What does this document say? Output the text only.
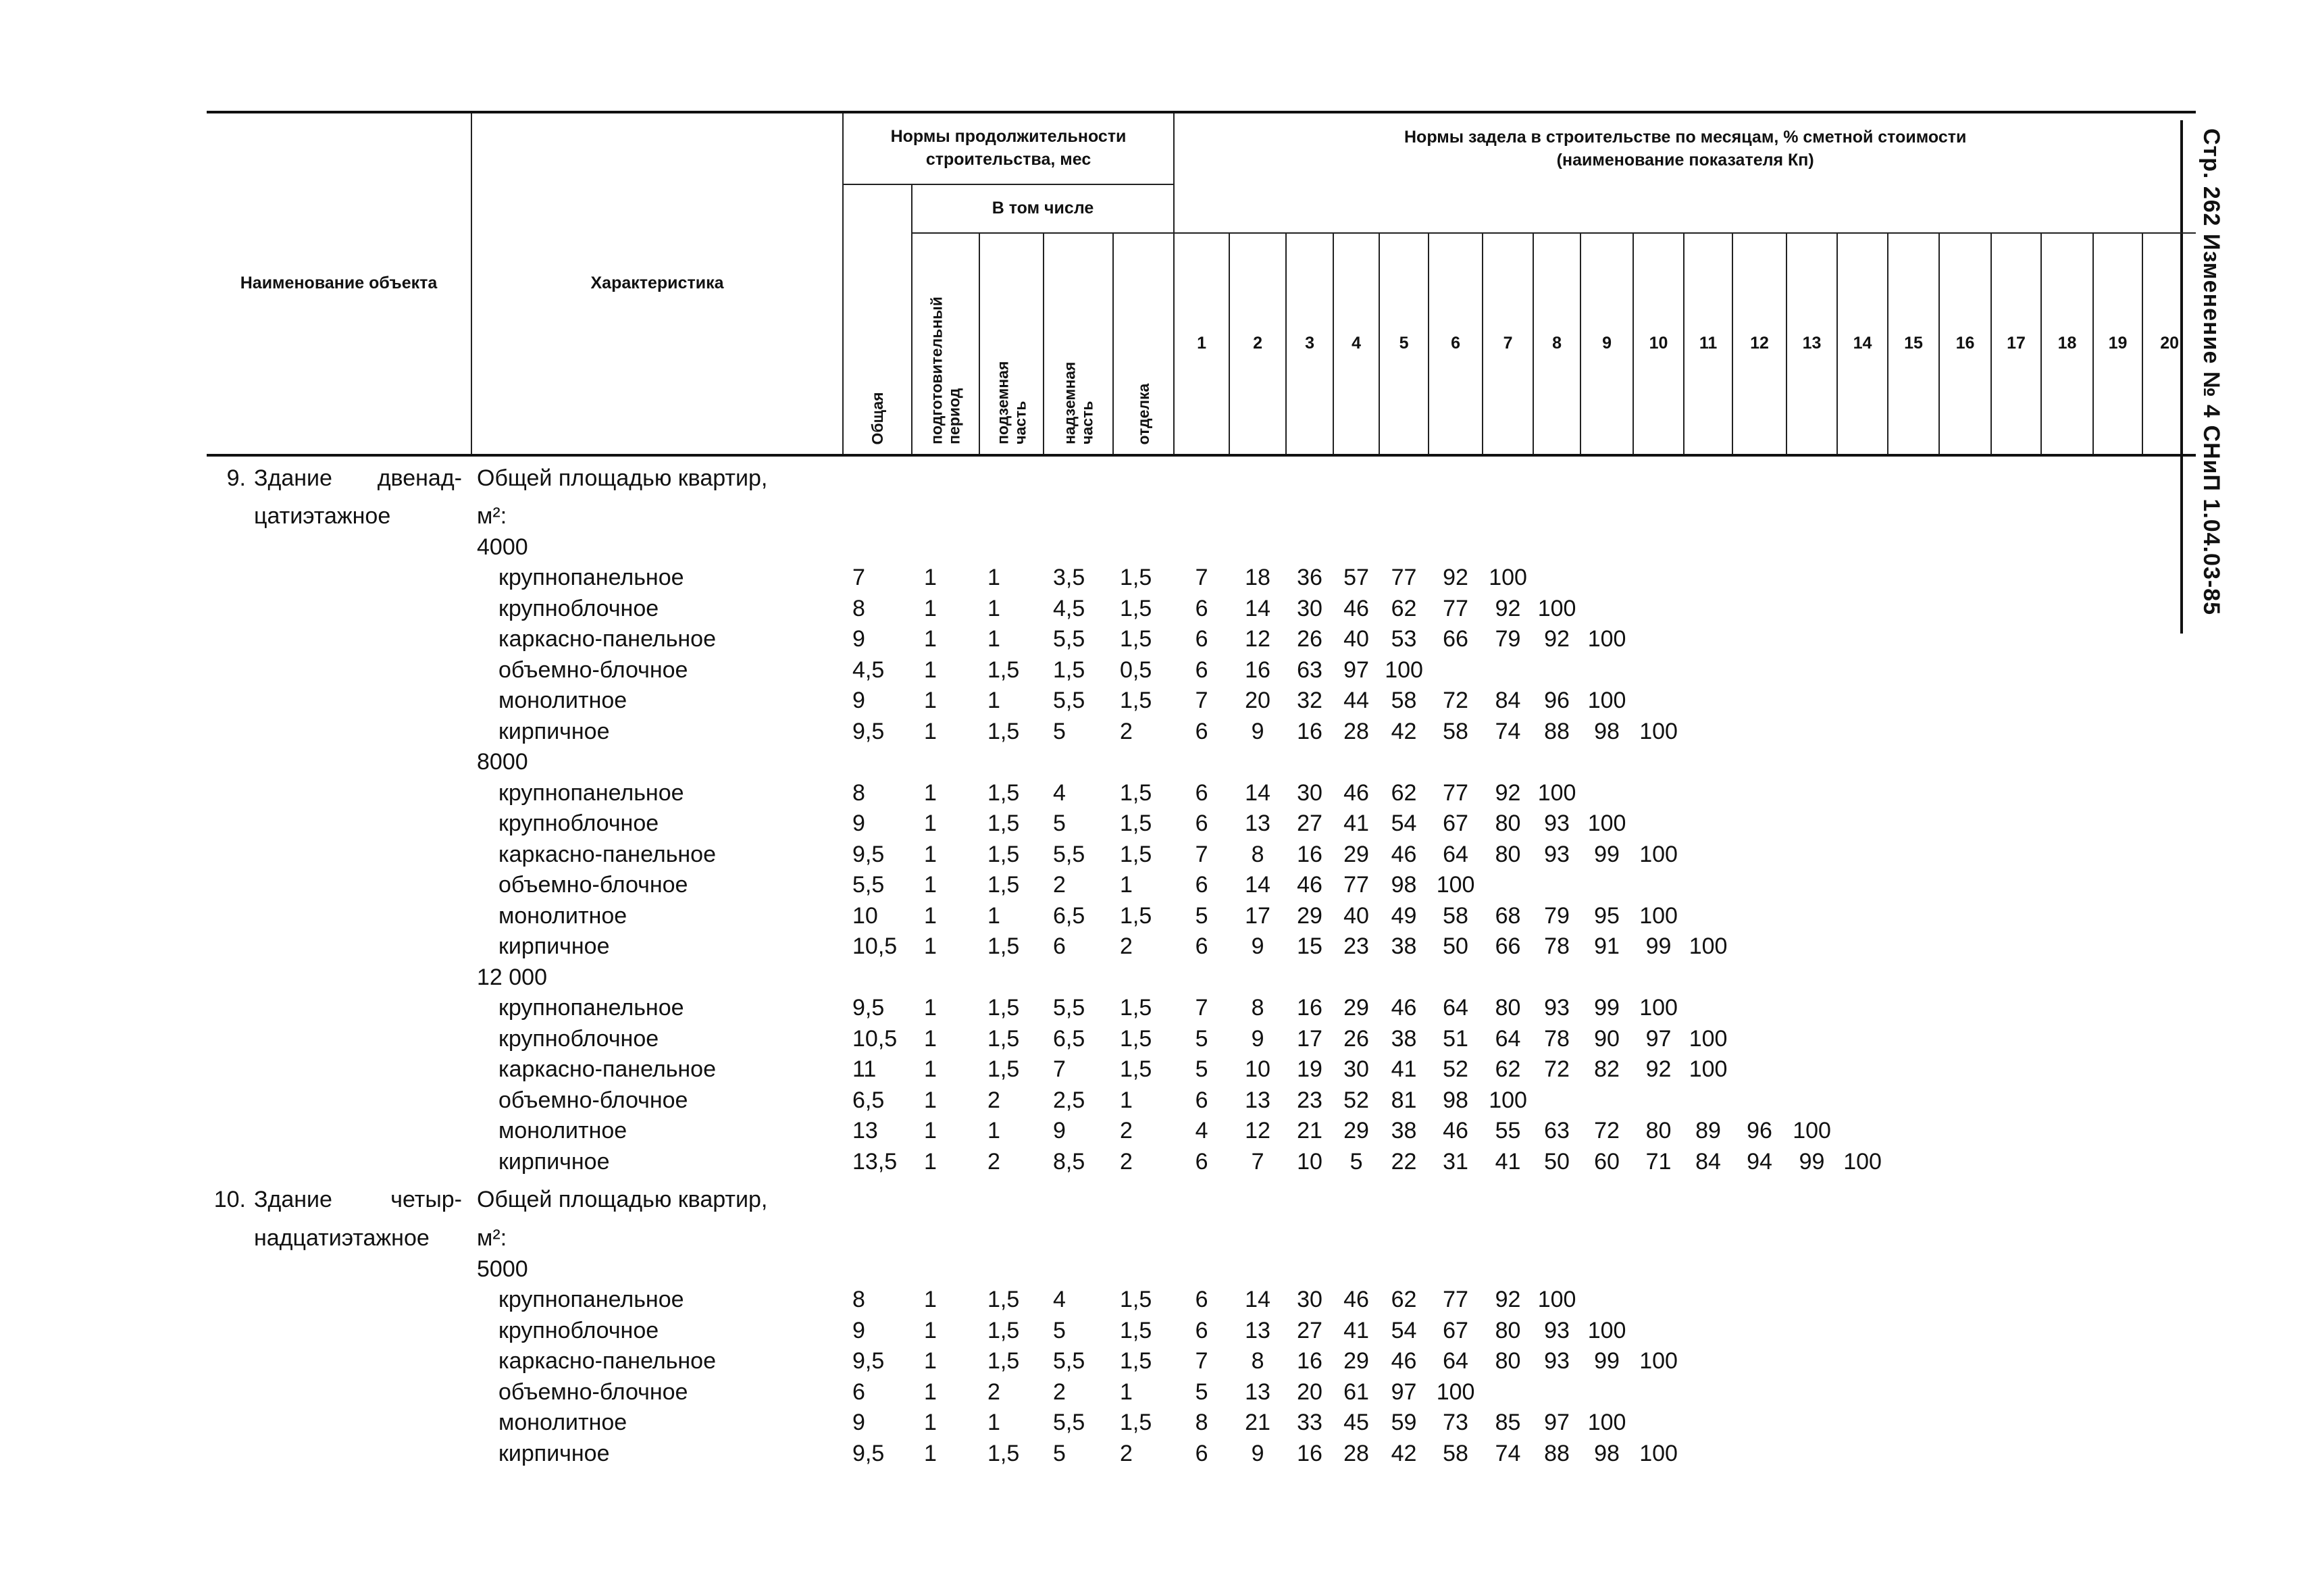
Стр. 262 Изменение № 4 СНиП 1.04.03-85
Наименование объекта	Характеристика	Нормы продолжительности строительства, мес					Нормы задела в строительстве по месяцам, % сметной стоимости
(наименование показателя Кп)																			

		Общая	В том числе																							

			подготовительный период	подземная часть	надземная часть	отделка	1	2	3	4	5	6	7	8	9	10	11	12	13	14	15	16	17	18	19	20

9. Здание двенад-	Общей площадью квартир,																									
цатиэтажное	м²:																									
	4000																									
	крупнопанельное	7	1	1	3,5	1,5	7	18	36	57	77	92	100													
	крупноблочное	8	1	1	4,5	1,5	6	14	30	46	62	77	92	100												
	каркасно-панельное	9	1	1	5,5	1,5	6	12	26	40	53	66	79	92	100											
	объемно-блочное	4,5	1	1,5	1,5	0,5	6	16	63	97	100															
	монолитное	9	1	1	5,5	1,5	7	20	32	44	58	72	84	96	100											
	кирпичное	9,5	1	1,5	5	2	6	9	16	28	42	58	74	88	98	100										
	8000																									
	крупнопанельное	8	1	1,5	4	1,5	6	14	30	46	62	77	92	100												
	крупноблочное	9	1	1,5	5	1,5	6	13	27	41	54	67	80	93	100											
	каркасно-панельное	9,5	1	1,5	5,5	1,5	7	8	16	29	46	64	80	93	99	100										
	объемно-блочное	5,5	1	1,5	2	1	6	14	46	77	98	100														
	монолитное	10	1	1	6,5	1,5	5	17	29	40	49	58	68	79	95	100										
	кирпичное	10,5	1	1,5	6	2	6	9	15	23	38	50	66	78	91	99	100									
	12 000																									
	крупнопанельное	9,5	1	1,5	5,5	1,5	7	8	16	29	46	64	80	93	99	100										
	крупноблочное	10,5	1	1,5	6,5	1,5	5	9	17	26	38	51	64	78	90	97	100									
	каркасно-панельное	11	1	1,5	7	1,5	5	10	19	30	41	52	62	72	82	92	100									
	объемно-блочное	6,5	1	2	2,5	1	6	13	23	52	81	98	100													
	монолитное	13	1	1	9	2	4	12	21	29	38	46	55	63	72	80	89	96	100							
	кирпичное	13,5	1	2	8,5	2	6	7	10	5	22	31	41	50	60	71	84	94	99	100						

10. Здание четыр-	Общей площадью квартир,																									
надцатиэтажное	м²:																									
	5000																									
	крупнопанельное	8	1	1,5	4	1,5	6	14	30	46	62	77	92	100												
	крупноблочное	9	1	1,5	5	1,5	6	13	27	41	54	67	80	93	100											
	каркасно-панельное	9,5	1	1,5	5,5	1,5	7	8	16	29	46	64	80	93	99	100										
	объемно-блочное	6	1	2	2	1	5	13	20	61	97	100														
	монолитное	9	1	1	5,5	1,5	8	21	33	45	59	73	85	97	100											
	кирпичное	9,5	1	1,5	5	2	6	9	16	28	42	58	74	88	98	100										
